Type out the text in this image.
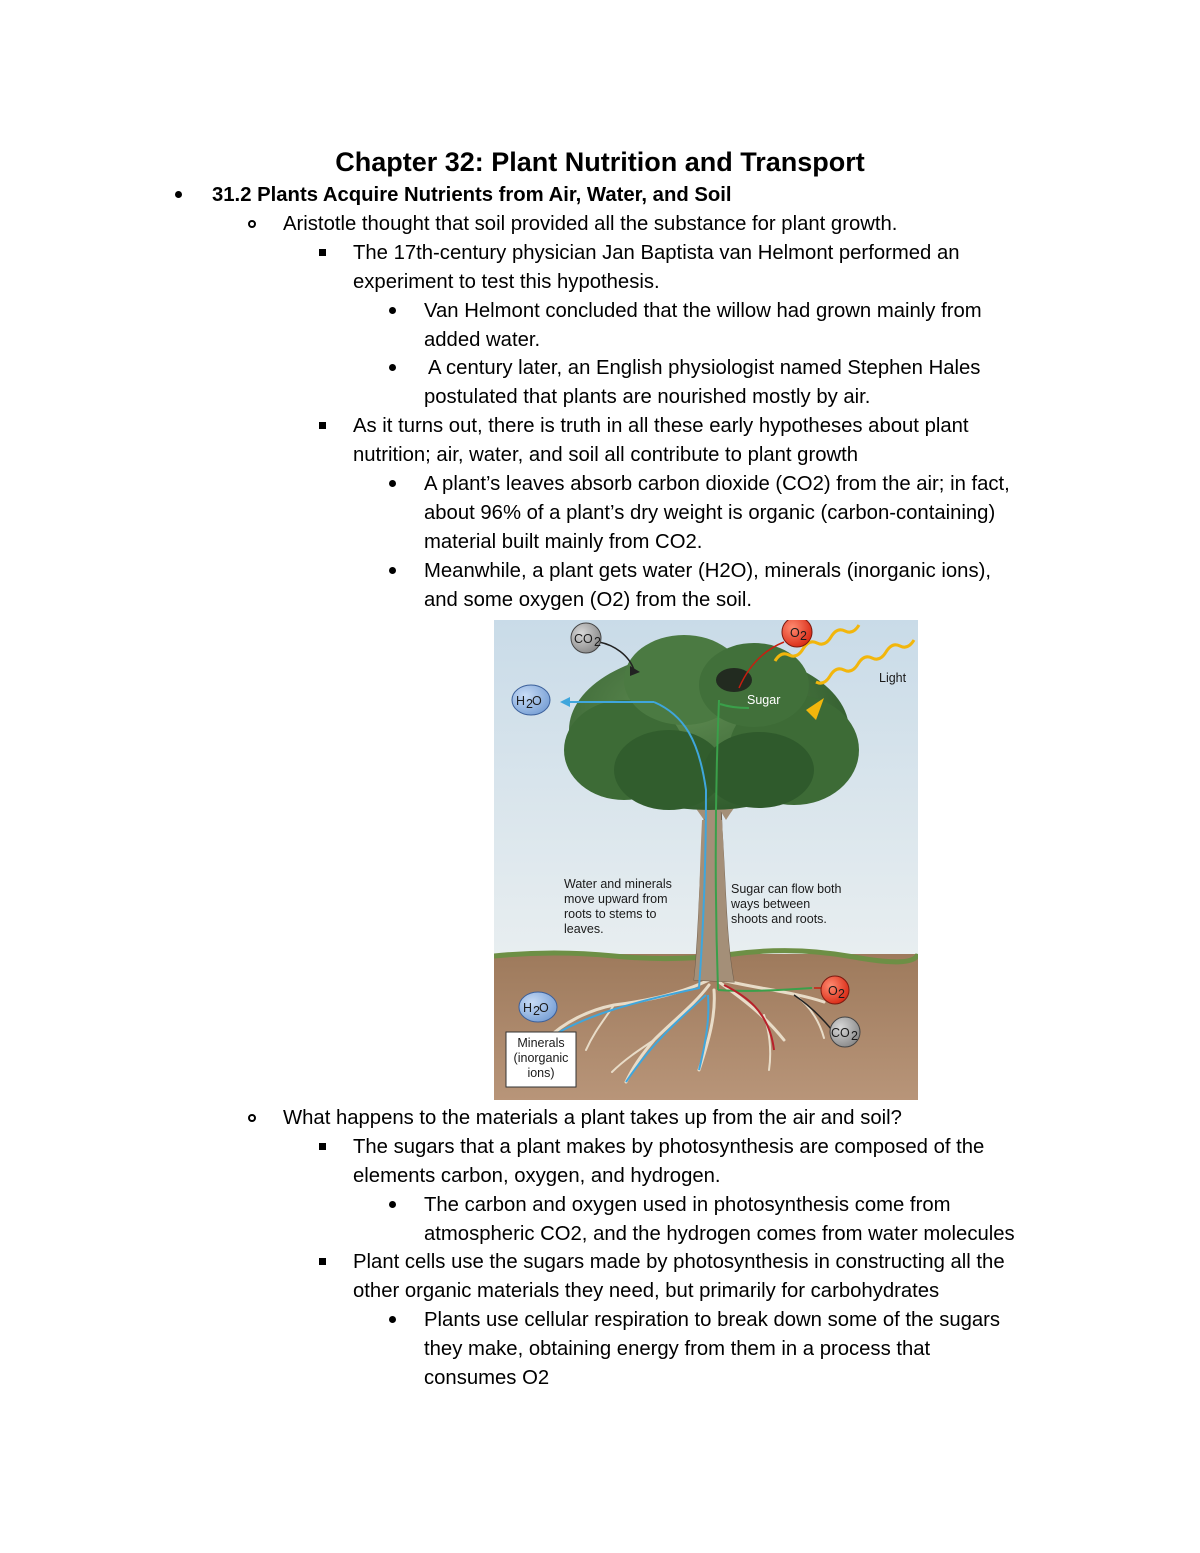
Chapter 32: Plant Nutrition and Transport
31.2 Plants Acquire Nutrients from Air, Water, and Soil
Aristotle thought that soil provided all the substance for plant growth.
The 17th-century physician Jan Baptista van Helmont performed an
experiment to test this hypothesis.
Van Helmont concluded that the willow had grown mainly from
added water.
A century later, an English physiologist named Stephen Hales
postulated that plants are nourished mostly by air.
As it turns out, there is truth in all these early hypotheses about plant
nutrition; air, water, and soil all contribute to plant growth
A plant’s leaves absorb carbon dioxide (CO2) from the air; in fact,
about 96% of a plant’s dry weight is organic (carbon-containing)
material built mainly from CO2.
Meanwhile, a plant gets water (H2O), minerals (inorganic ions),
and some oxygen (O2) from the soil.
CO 2
O 2
H 2 O
H 2 O
O 2
CO 2
Light
Sugar
Water and minerals
move upward from
roots to stems to
leaves.
Sugar can flow both
ways between
shoots and roots.
Minerals
(inorganic
ions)
What happens to the materials a plant takes up from the air and soil?
The sugars that a plant makes by photosynthesis are composed of the
elements carbon, oxygen, and hydrogen.
The carbon and oxygen used in photosynthesis come from
atmospheric CO2, and the hydrogen comes from water molecules
Plant cells use the sugars made by photosynthesis in constructing all the
other organic materials they need, but primarily for carbohydrates
Plants use cellular respiration to break down some of the sugars
they make, obtaining energy from them in a process that
consumes O2
